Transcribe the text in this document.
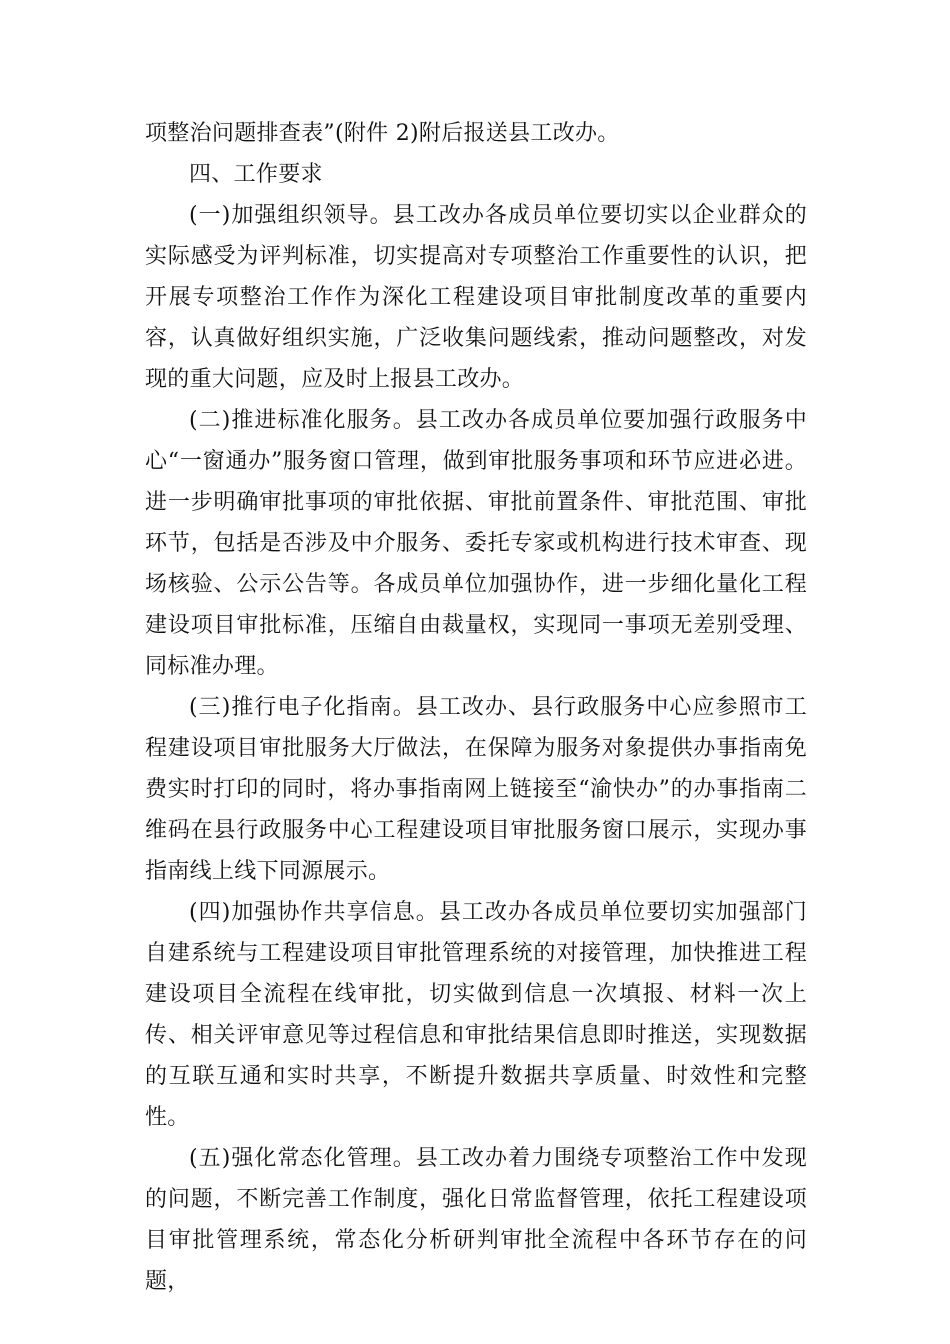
项整治问题排查表”(附件 2)附后报送县工改办。

四、工作要求

(一)加强组织领导。县工改办各成员单位要切实以企业群众的实际感受为评判标准，切实提高对专项整治工作重要性的认识，把开展专项整治工作作为深化工程建设项目审批制度改革的重要内容，认真做好组织实施，广泛收集问题线索，推动问题整改，对发现的重大问题，应及时上报县工改办。

(二)推进标准化服务。县工改办各成员单位要加强行政服务中心“一窗通办”服务窗口管理，做到审批服务事项和环节应进必进。进一步明确审批事项的审批依据、审批前置条件、审批范围、审批环节，包括是否涉及中介服务、委托专家或机构进行技术审查、现场核验、公示公告等。各成员单位加强协作，进一步细化量化工程建设项目审批标准，压缩自由裁量权，实现同一事项无差别受理、同标准办理。

(三)推行电子化指南。县工改办、县行政服务中心应参照市工程建设项目审批服务大厅做法，在保障为服务对象提供办事指南免费实时打印的同时，将办事指南网上链接至“渝快办”的办事指南二维码在县行政服务中心工程建设项目审批服务窗口展示，实现办事指南线上线下同源展示。

(四)加强协作共享信息。县工改办各成员单位要切实加强部门自建系统与工程建设项目审批管理系统的对接管理，加快推进工程建设项目全流程在线审批，切实做到信息一次填报、材料一次上传、相关评审意见等过程信息和审批结果信息即时推送，实现数据的互联互通和实时共享，不断提升数据共享质量、时效性和完整性。

(五)强化常态化管理。县工改办着力围绕专项整治工作中发现的问题，不断完善工作制度，强化日常监督管理，依托工程建设项目审批管理系统，常态化分析研判审批全流程中各环节存在的问题，
